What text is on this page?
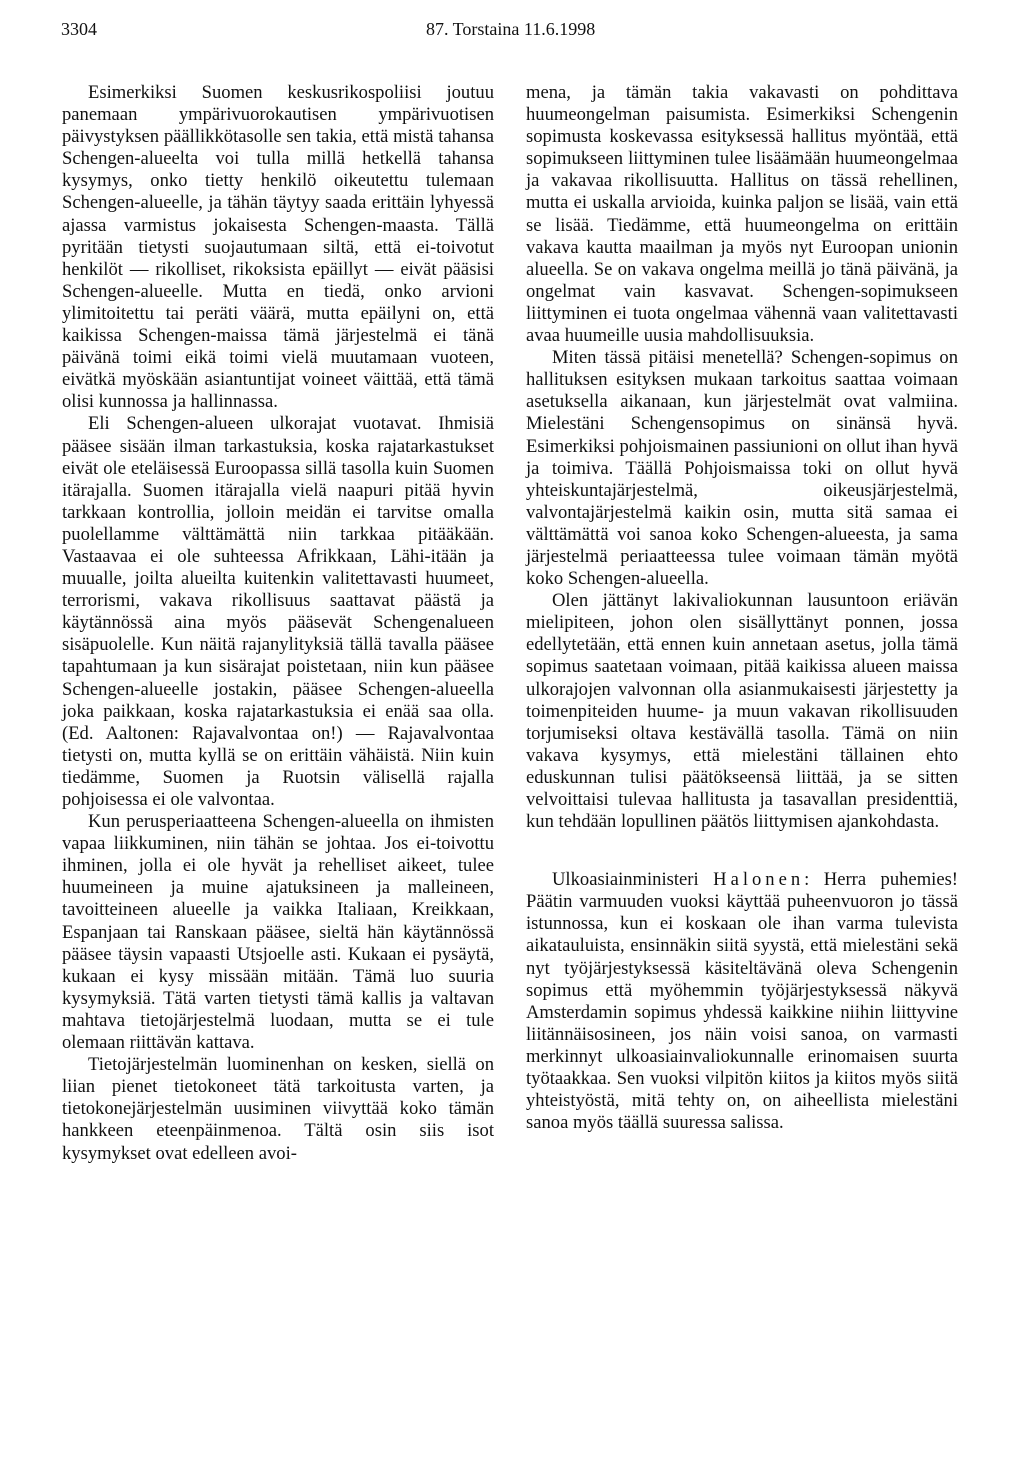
3304	87. Torstaina 11.6.1998

Esimerkiksi Suomen keskusrikospoliisi joutuu panemaan ympärivuorokautisen ympärivuotisen päivystyksen päällikkötasolle sen takia, että mistä tahansa Schengen-alueelta voi tulla millä hetkellä tahansa kysymys, onko tietty henkilö oikeutettu tulemaan Schengen-alueelle, ja tähän täytyy saada erittäin lyhyessä ajassa varmistus jokaisesta Schengen-maasta. Tällä pyritään tietysti suojautumaan siltä, että ei-toivotut henkilöt — rikolliset, rikoksista epäillyt — eivät pääsisi Schengen-alueelle. Mutta en tiedä, onko arvioni ylimitoitettu tai peräti väärä, mutta epäilyni on, että kaikissa Schengen-maissa tämä järjestelmä ei tänä päivänä toimi eikä toimi vielä muutamaan vuoteen, eivätkä myöskään asiantuntijat voineet väittää, että tämä olisi kunnossa ja hallinnassa.

Eli Schengen-alueen ulkorajat vuotavat. Ihmisiä pääsee sisään ilman tarkastuksia, koska rajatarkastukset eivät ole eteläisessä Euroopassa sillä tasolla kuin Suomen itärajalla. Suomen itärajalla vielä naapuri pitää hyvin tarkkaan kontrollia, jolloin meidän ei tarvitse omalla puolellamme välttämättä niin tarkkaa pitääkään. Vastaavaa ei ole suhteessa Afrikkaan, Lähi-itään ja muualle, joilta alueilta kuitenkin valitettavasti huumeet, terrorismi, vakava rikollisuus saattavat päästä ja käytännössä aina myös pääsevät Schengenalueen sisäpuolelle. Kun näitä rajanylityksiä tällä tavalla pääsee tapahtumaan ja kun sisärajat poistetaan, niin kun pääsee Schengen-alueelle jostakin, pääsee Schengen-alueella joka paikkaan, koska rajatarkastuksia ei enää saa olla. (Ed. Aaltonen: Rajavalvontaa on!) — Rajavalvontaa tietysti on, mutta kyllä se on erittäin vähäistä. Niin kuin tiedämme, Suomen ja Ruotsin välisellä rajalla pohjoisessa ei ole valvontaa.

Kun perusperiaatteena Schengen-alueella on ihmisten vapaa liikkuminen, niin tähän se johtaa. Jos ei-toivottu ihminen, jolla ei ole hyvät ja rehelliset aikeet, tulee huumeineen ja muine ajatuksineen ja malleineen, tavoitteineen alueelle ja vaikka Italiaan, Kreikkaan, Espanjaan tai Ranskaan pääsee, sieltä hän käytännössä pääsee täysin vapaasti Utsjoelle asti. Kukaan ei pysäytä, kukaan ei kysy missään mitään. Tämä luo suuria kysymyksiä. Tätä varten tietysti tämä kallis ja valtavan mahtava tietojärjestelmä luodaan, mutta se ei tule olemaan riittävän kattava.

Tietojärjestelmän luominenhan on kesken, siellä on liian pienet tietokoneet tätä tarkoitusta varten, ja tietokonejärjestelmän uusiminen viivyttää koko tämän hankkeen eteenpäinmenoa. Tältä osin siis isot kysymykset ovat edelleen avoi-

mena, ja tämän takia vakavasti on pohdittava huumeongelman paisumista. Esimerkiksi Schengenin sopimusta koskevassa esityksessä hallitus myöntää, että sopimukseen liittyminen tulee lisäämään huumeongelmaa ja vakavaa rikollisuutta. Hallitus on tässä rehellinen, mutta ei uskalla arvioida, kuinka paljon se lisää, vain että se lisää. Tiedämme, että huumeongelma on erittäin vakava kautta maailman ja myös nyt Euroopan unionin alueella. Se on vakava ongelma meillä jo tänä päivänä, ja ongelmat vain kasvavat. Schengen-sopimukseen liittyminen ei tuota ongelmaa vähennä vaan valitettavasti avaa huumeille uusia mahdollisuuksia.

Miten tässä pitäisi menetellä? Schengen-sopimus on hallituksen esityksen mukaan tarkoitus saattaa voimaan asetuksella aikanaan, kun järjestelmät ovat valmiina. Mielestäni Schengensopimus on sinänsä hyvä. Esimerkiksi pohjoismainen passiunioni on ollut ihan hyvä ja toimiva. Täällä Pohjoismaissa toki on ollut hyvä yhteiskuntajärjestelmä, oikeusjärjestelmä, valvontajärjestelmä kaikin osin, mutta sitä samaa ei välttämättä voi sanoa koko Schengen-alueesta, ja sama järjestelmä periaatteessa tulee voimaan tämän myötä koko Schengen-alueella.

Olen jättänyt lakivaliokunnan lausuntoon eriävän mielipiteen, johon olen sisällyttänyt ponnen, jossa edellytetään, että ennen kuin annetaan asetus, jolla tämä sopimus saatetaan voimaan, pitää kaikissa alueen maissa ulkorajojen valvonnan olla asianmukaisesti järjestetty ja toimenpiteiden huume- ja muun vakavan rikollisuuden torjumiseksi oltava kestävällä tasolla. Tämä on niin vakava kysymys, että mielestäni tällainen ehto eduskunnan tulisi päätökseensä liittää, ja se sitten velvoittaisi tulevaa hallitusta ja tasavallan presidenttiä, kun tehdään lopullinen päätös liittymisen ajankohdasta.

Ulkoasiainministeri Halonen: Herra puhemies! Päätin varmuuden vuoksi käyttää puheenvuoron jo tässä istunnossa, kun ei koskaan ole ihan varma tulevista aikatauluista, ensinnäkin siitä syystä, että mielestäni sekä nyt työjärjestyksessä käsiteltävänä oleva Schengenin sopimus että myöhemmin työjärjestyksessä näkyvä Amsterdamin sopimus yhdessä kaikkine niihin liittyvine liitännäisosineen, jos näin voisi sanoa, on varmasti merkinnyt ulkoasiainvaliokunnalle erinomaisen suurta työtaakkaa. Sen vuoksi vilpitön kiitos ja kiitos myös siitä yhteistyöstä, mitä tehty on, on aiheellista mielestäni sanoa myös täällä suuressa salissa.
